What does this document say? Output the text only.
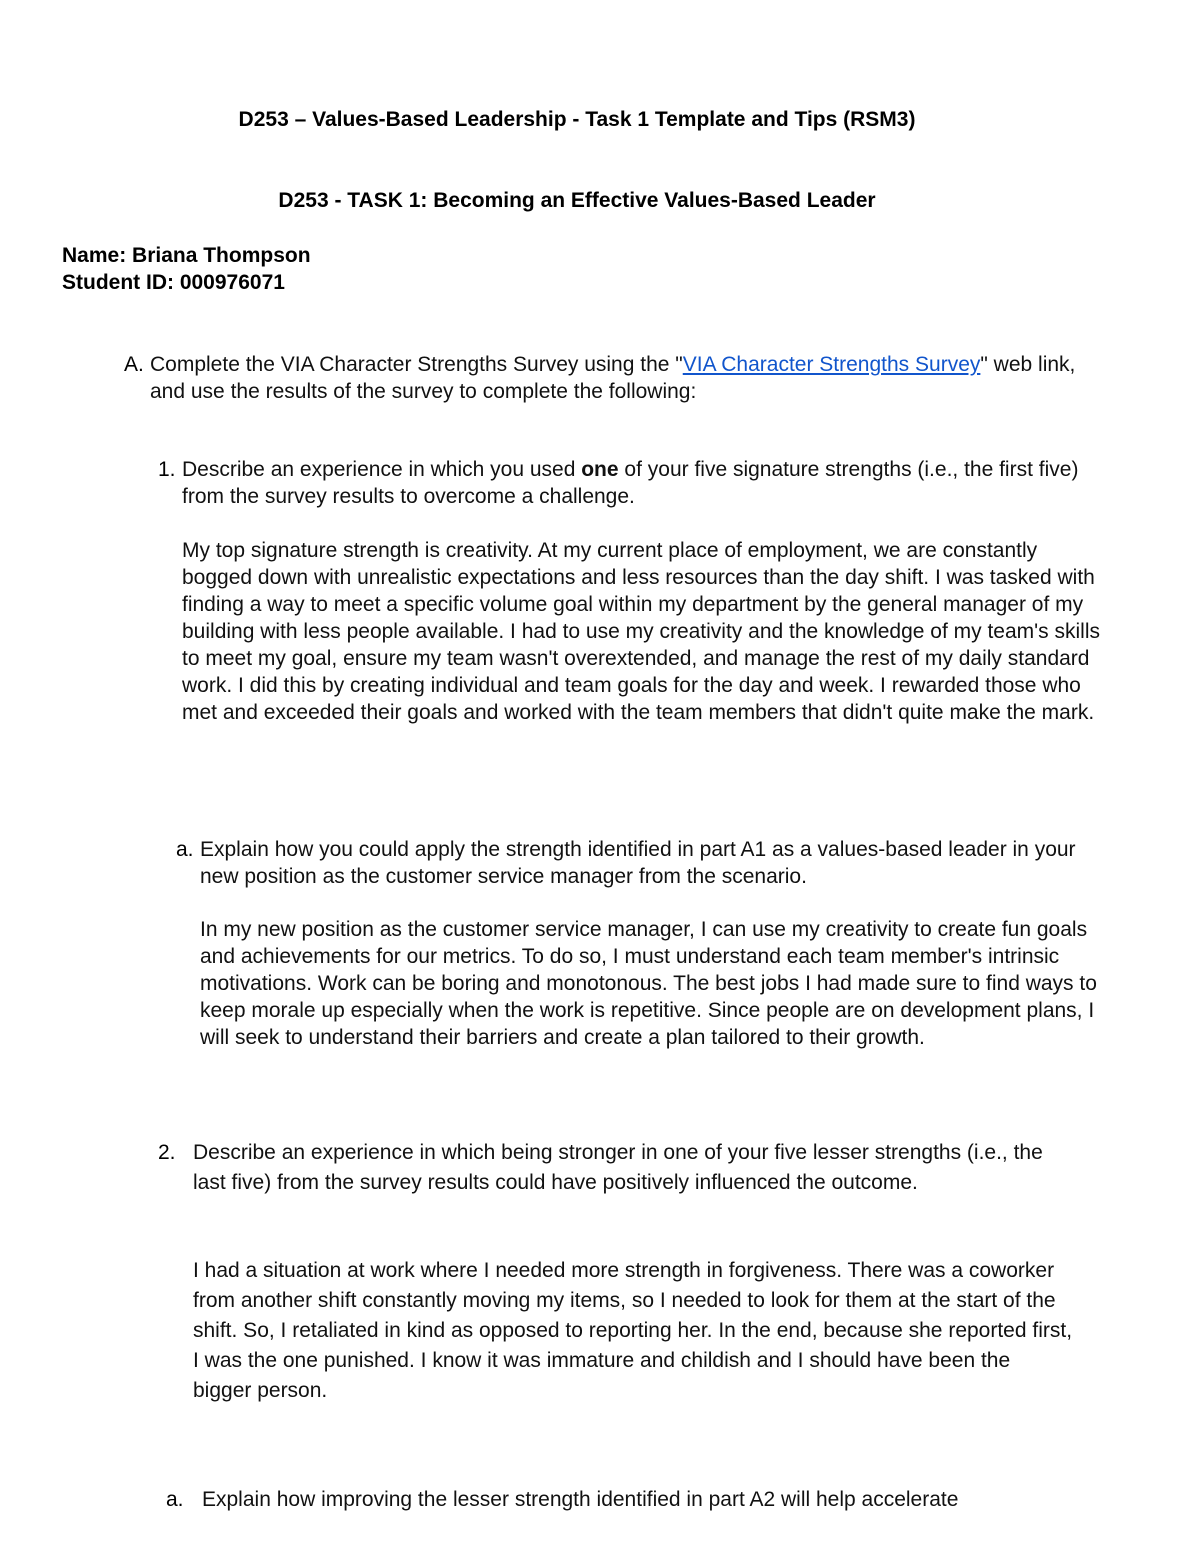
D253 – Values-Based Leadership - Task 1 Template and Tips (RSM3)
D253 - TASK 1: Becoming an Effective Values-Based Leader
Name: Briana Thompson
Student ID: 000976071
A. Complete the VIA Character Strengths Survey using the "VIA Character Strengths Survey" web link, and use the results of the survey to complete the following:
1. Describe an experience in which you used one of your five signature strengths (i.e., the first five) from the survey results to overcome a challenge.
My top signature strength is creativity. At my current place of employment, we are constantly bogged down with unrealistic expectations and less resources than the day shift. I was tasked with finding a way to meet a specific volume goal within my department by the general manager of my building with less people available. I had to use my creativity and the knowledge of my team's skills to meet my goal, ensure my team wasn't overextended, and manage the rest of my daily standard work. I did this by creating individual and team goals for the day and week. I rewarded those who met and exceeded their goals and worked with the team members that didn't quite make the mark.
a. Explain how you could apply the strength identified in part A1 as a values-based leader in your new position as the customer service manager from the scenario.
In my new position as the customer service manager, I can use my creativity to create fun goals and achievements for our metrics. To do so, I must understand each team member's intrinsic motivations. Work can be boring and monotonous. The best jobs I had made sure to find ways to keep morale up especially when the work is repetitive. Since people are on development plans, I will seek to understand their barriers and create a plan tailored to their growth.
2. Describe an experience in which being stronger in one of your five lesser strengths (i.e., the last five) from the survey results could have positively influenced the outcome.
I had a situation at work where I needed more strength in forgiveness. There was a coworker from another shift constantly moving my items, so I needed to look for them at the start of the shift. So, I retaliated in kind as opposed to reporting her. In the end, because she reported first, I was the one punished. I know it was immature and childish and I should have been the bigger person.
a. Explain how improving the lesser strength identified in part A2 will help accelerate
